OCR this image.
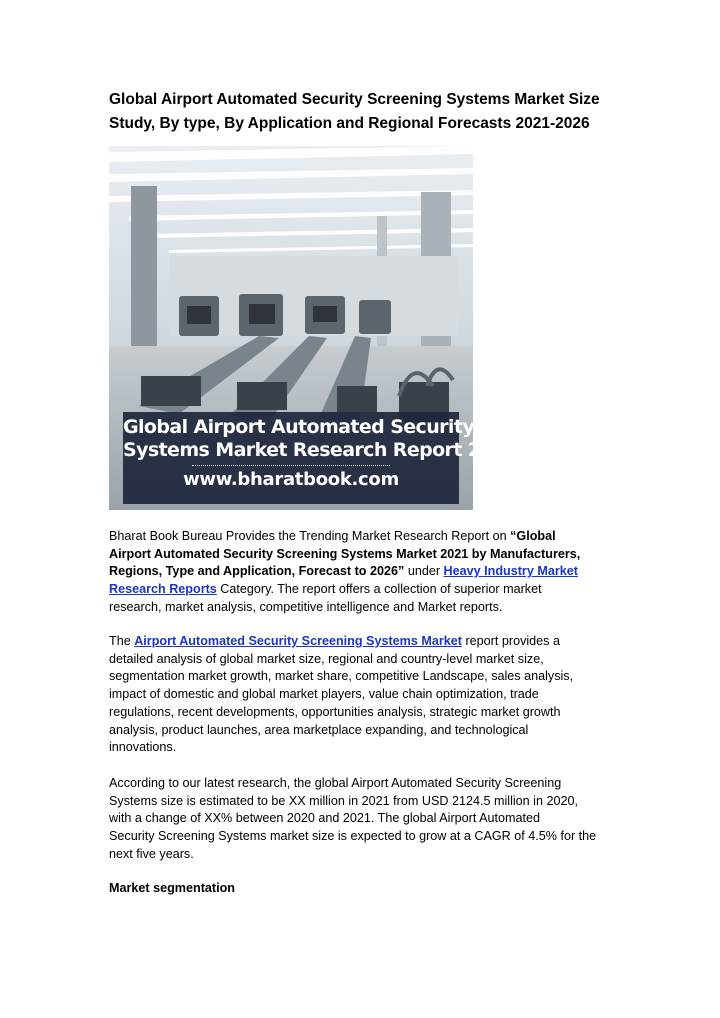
Global Airport Automated Security Screening Systems Market Size
Study, By type, By Application and Regional Forecasts 2021-2026
Global Airport Automated Security Screening
Systems Market Research Report 2021-2026
www.bharatbook.com

Bharat Book Bureau Provides the Trending Market Research Report on “Global
Airport Automated Security Screening Systems Market 2021 by Manufacturers,
Regions, Type and Application, Forecast to 2026” under Heavy Industry Market
Research Reports Category. The report offers a collection of superior market
research, market analysis, competitive intelligence and Market reports.

The Airport Automated Security Screening Systems Market report provides a
detailed analysis of global market size, regional and country-level market size,
segmentation market growth, market share, competitive Landscape, sales analysis,
impact of domestic and global market players, value chain optimization, trade
regulations, recent developments, opportunities analysis, strategic market growth
analysis, product launches, area marketplace expanding, and technological
innovations.

According to our latest research, the global Airport Automated Security Screening
Systems size is estimated to be XX million in 2021 from USD 2124.5 million in 2020,
with a change of XX% between 2020 and 2021. The global Airport Automated
Security Screening Systems market size is expected to grow at a CAGR of 4.5% for the
next five years.

Market segmentation
